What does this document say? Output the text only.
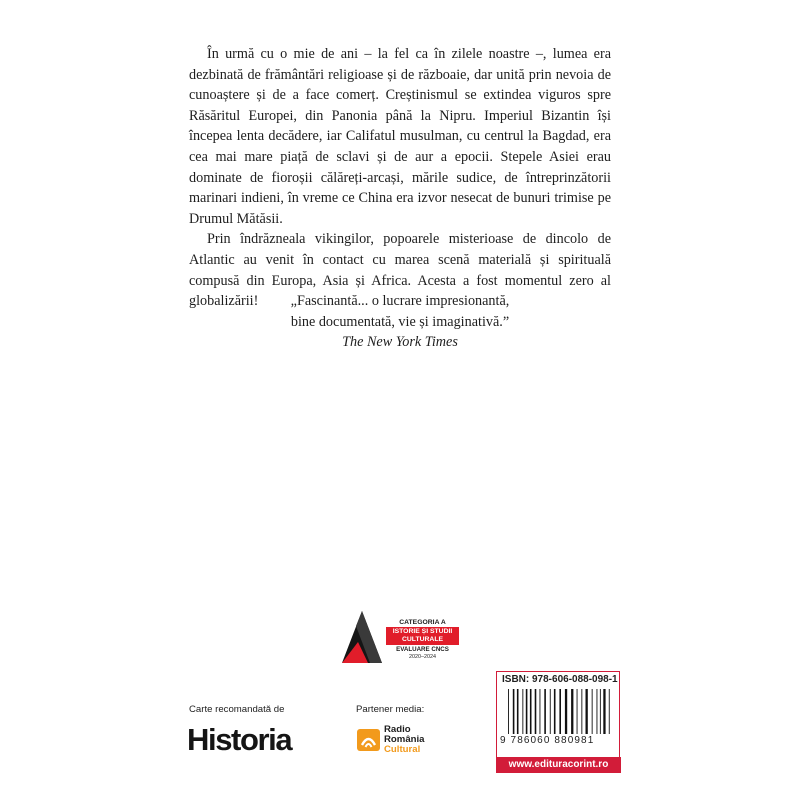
În urmă cu o mie de ani – la fel ca în zilele noastre –, lumea era dezbinată de frământări religioase și de războaie, dar unită prin nevoia de cunoaștere și de a face comerț. Creștinismul se extindea viguros spre Răsăritul Europei, din Panonia până la Nipru. Imperiul Bizantin își începea lenta decădere, iar Califatul musulman, cu centrul la Bagdad, era cea mai mare piață de sclavi și de aur a epocii. Stepele Asiei erau dominate de fioroșii călăreți-arcași, mările sudice, de întreprinzătorii marinari indieni, în vreme ce China era izvor nesecat de bunuri trimise pe Drumul Mătăsii.

Prin îndrăzneala vikingilor, popoarele misterioase de dincolo de Atlantic au venit în contact cu marea scenă materială și spirituală compusă din Europa, Asia și Africa. Acesta a fost momentul zero al globalizării!	„Fascinantă... o lucrare impresionantă,
bine documentată, vie și imaginativă.”
The New York Times
CATEGORIA A
ISTORIE ȘI STUDII CULTURALE
EVALUARE CNCS
2020–2024
Carte recomandată de
Historia
Partener media:
Radio
România
Cultural
ISBN: 978-606-088-098-1
9 786060 880981
www.edituracorint.ro
